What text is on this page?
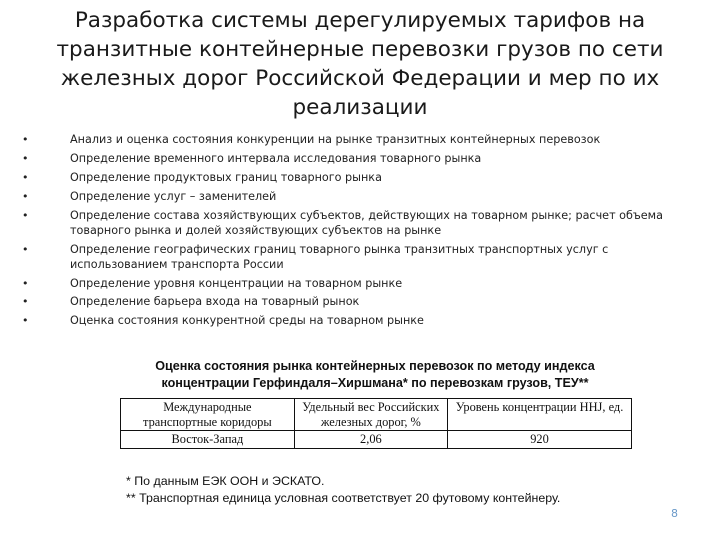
Разработка системы дерегулируемых тарифов на транзитные контейнерные перевозки грузов по сети железных дорог Российской Федерации и мер по их реализации
•	Анализ и оценка состояния конкуренции на рынке транзитных контейнерных перевозок
•	Определение временного интервала исследования товарного рынка
•	Определение продуктовых границ товарного рынка
•	Определение услуг – заменителей
•	Определение состава хозяйствующих субъектов, действующих на товарном рынке; расчет объема товарного рынка и долей хозяйствующих субъектов на рынке
•	Определение географических границ товарного рынка транзитных транспортных услуг с использованием транспорта России
•	Определение уровня концентрации на товарном рынке
•	Определение барьера входа на товарный рынок
•	Оценка состояния конкурентной среды на товарном рынке
Оценка состояния рынка контейнерных перевозок по методу индекса концентрации Герфиндаля–Хиршмана* по перевозкам грузов, ТЕУ**
Международные транспортные коридоры	Удельный вес Российских железных дорог, %	Уровень концентрации HHJ, ед.
Восток-Запад	2,06	920
* По данным ЕЭК ООН и ЭСКАТО.
** Транспортная единица условная соответствует 20 футовому контейнеру.
8
